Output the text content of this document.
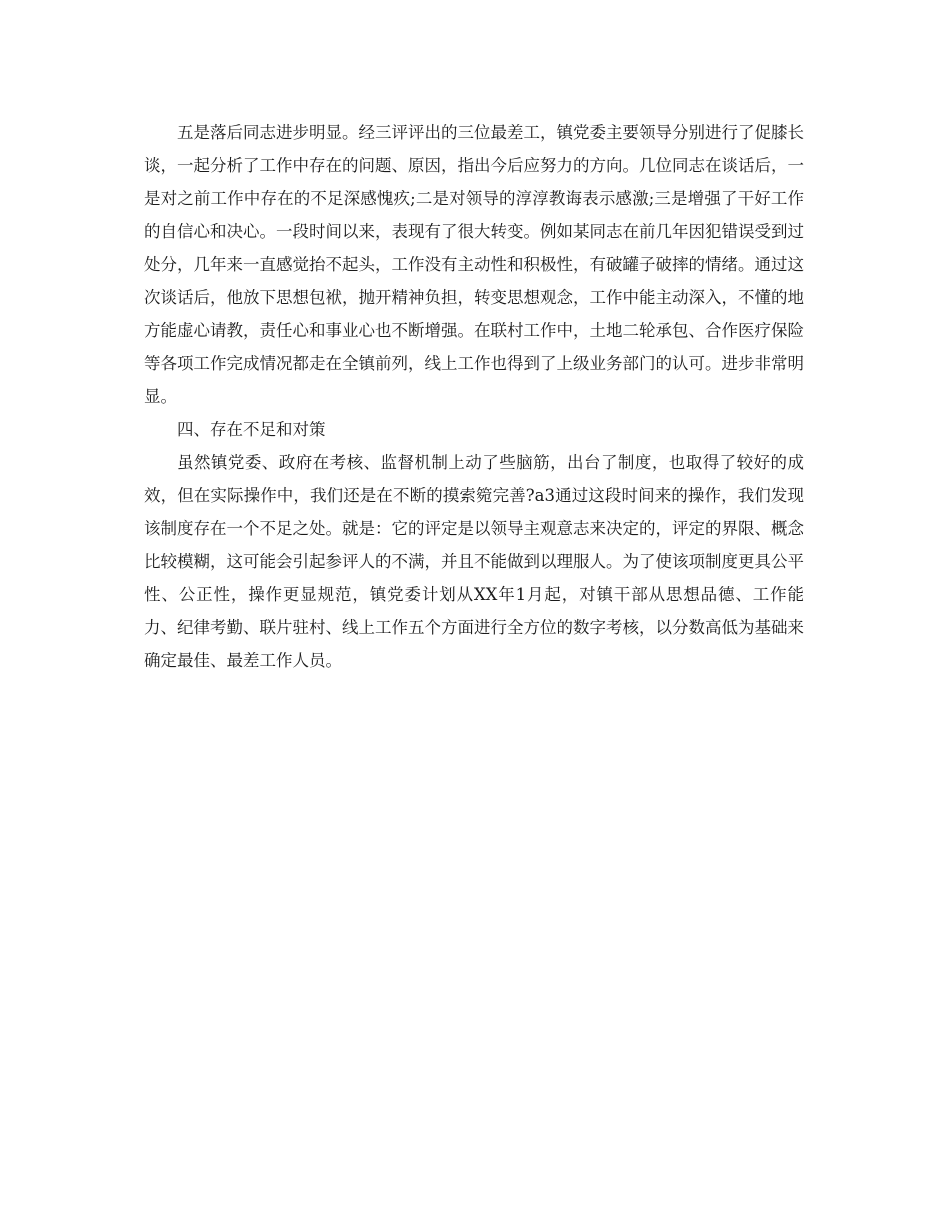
五是落后同志进步明显。经三评评出的三位最差工，镇党委主要领导分别进行了促膝长谈，一起分析了工作中存在的问题、原因，指出今后应努力的方向。几位同志在谈话后，一是对之前工作中存在的不足深感愧疚;二是对领导的淳淳教诲表示感激;三是增强了干好工作的自信心和决心。一段时间以来，表现有了很大转变。例如某同志在前几年因犯错误受到过处分，几年来一直感觉抬不起头，工作没有主动性和积极性，有破罐子破摔的情绪。通过这次谈话后，他放下思想包袱，抛开精神负担，转变思想观念，工作中能主动深入，不懂的地方能虚心请教，责任心和事业心也不断增强。在联村工作中，土地二轮承包、合作医疗保险等各项工作完成情况都走在全镇前列，线上工作也得到了上级业务部门的认可。进步非常明显。

四、存在不足和对策

虽然镇党委、政府在考核、监督机制上动了些脑筋，出台了制度，也取得了较好的成效，但在实际操作中，我们还是在不断的摸索箢完善?a3通过这段时间来的操作，我们发现该制度存在一个不足之处。就是：它的评定是以领导主观意志来决定的，评定的界限、概念比较模糊，这可能会引起参评人的不满，并且不能做到以理服人。为了使该项制度更具公平性、公正性，操作更显规范，镇党委计划从XX年1月起，对镇干部从思想品德、工作能力、纪律考勤、联片驻村、线上工作五个方面进行全方位的数字考核，以分数高低为基础来确定最佳、最差工作人员。
